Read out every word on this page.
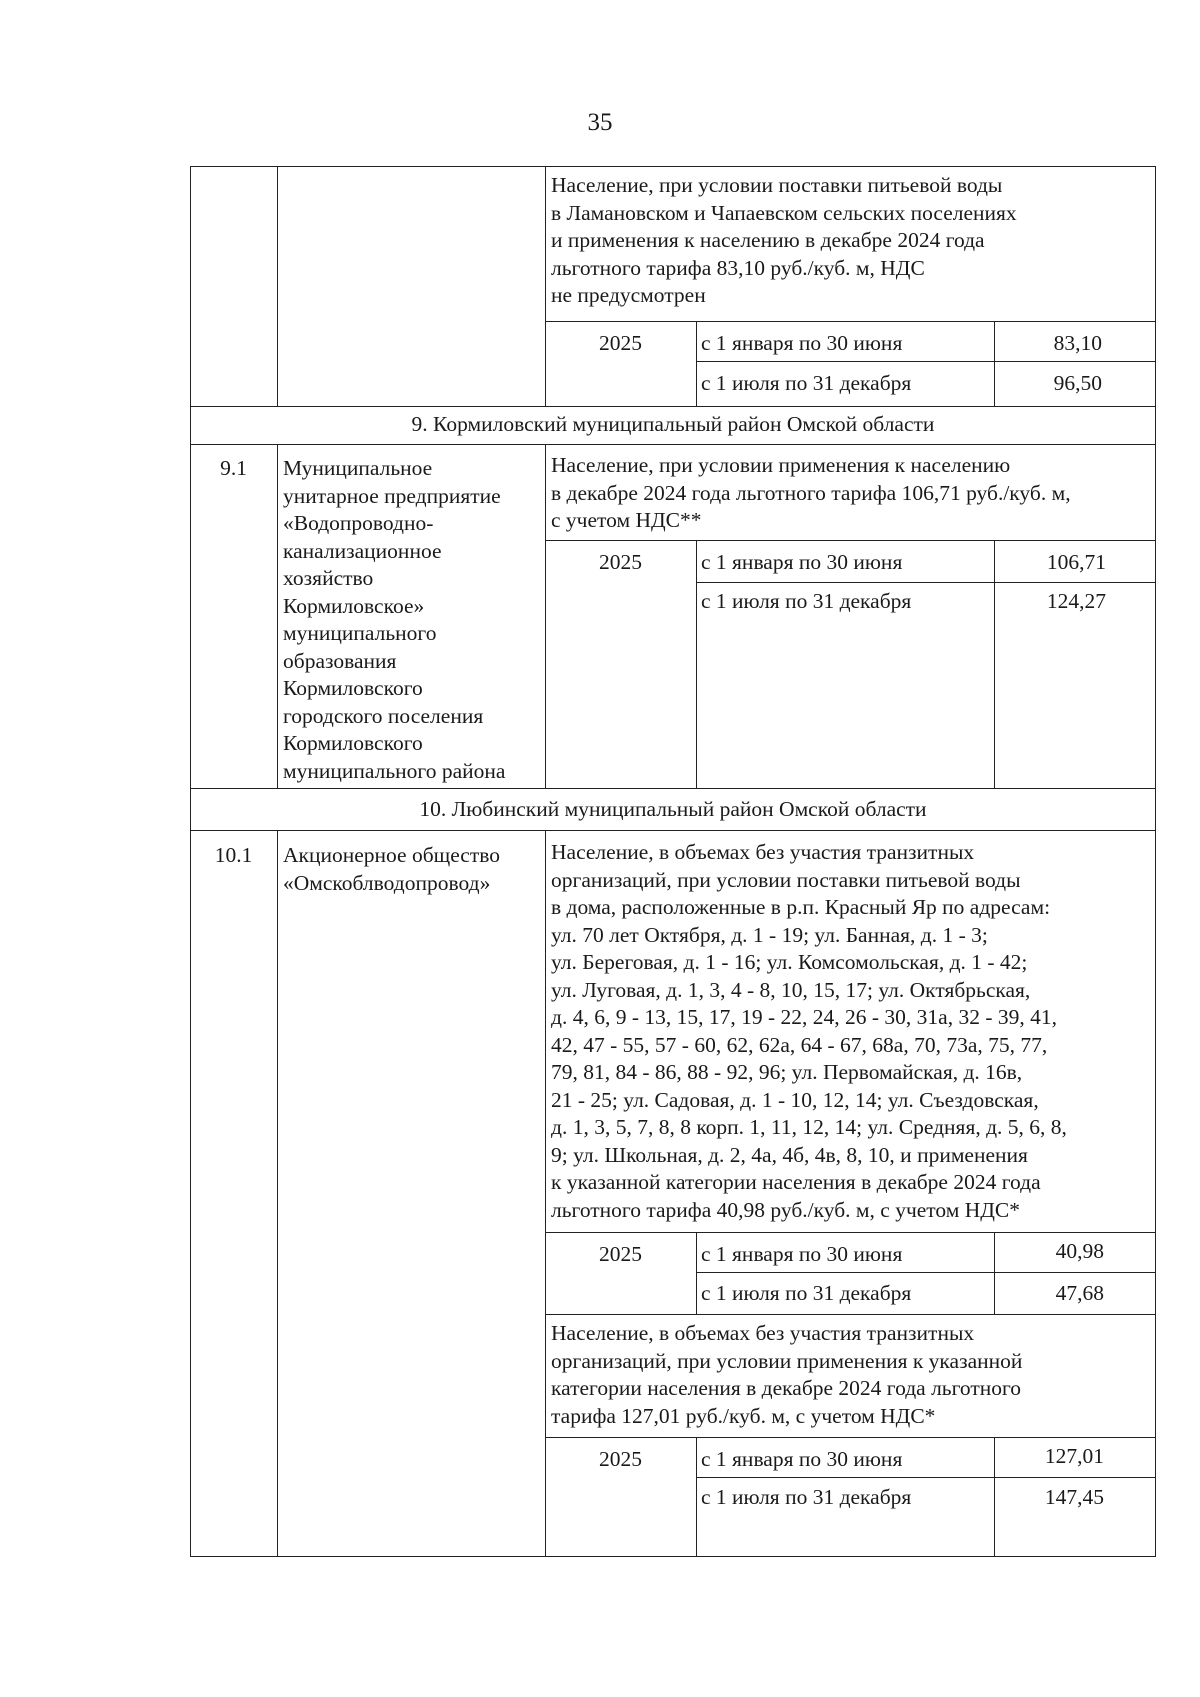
35
Население, при условии поставки питьевой воды
в Ламановском и Чапаевском сельских поселениях
и применения к населению в декабре 2024 года
льготного тарифа 83,10 руб./куб. м, НДС
не предусмотрен
2025	с 1 января по 30 июня	83,10
с 1 июля по 31 декабря	96,50
9. Кормиловский муниципальный район Омской области
9.1	Муниципальное
унитарное предприятие
«Водопроводно-
канализационное
хозяйство
Кормиловское»
муниципального
образования
Кормиловского
городского поселения
Кормиловского
муниципального района
Население, при условии применения к населению
в декабре 2024 года льготного тарифа 106,71 руб./куб. м,
с учетом НДС**
2025	с 1 января по 30 июня	106,71
с 1 июля по 31 декабря	124,27
10. Любинский муниципальный район Омской области
10.1	Акционерное общество
«Омскоблводопровод»
Население, в объемах без участия транзитных
организаций, при условии поставки питьевой воды
в дома, расположенные в р.п. Красный Яр по адресам:
ул. 70 лет Октября, д. 1 - 19; ул. Банная, д. 1 - 3;
ул. Береговая, д. 1 - 16; ул. Комсомольская, д. 1 - 42;
ул. Луговая, д. 1, 3, 4 - 8, 10, 15, 17; ул. Октябрьская,
д. 4, 6, 9 - 13, 15, 17, 19 - 22, 24, 26 - 30, 31а, 32 - 39, 41,
42, 47 - 55, 57 - 60, 62, 62а, 64 - 67, 68а, 70, 73а, 75, 77,
79, 81, 84 - 86, 88 - 92, 96; ул. Первомайская, д. 16в,
21 - 25; ул. Садовая, д. 1 - 10, 12, 14; ул. Съездовская,
д. 1, 3, 5, 7, 8, 8 корп. 1, 11, 12, 14; ул. Средняя, д. 5, 6, 8,
9; ул. Школьная, д. 2, 4а, 4б, 4в, 8, 10, и применения
к указанной категории населения в декабре 2024 года
льготного тарифа 40,98 руб./куб. м, с учетом НДС*
2025	с 1 января по 30 июня	40,98
с 1 июля по 31 декабря	47,68
Население, в объемах без участия транзитных
организаций, при условии применения к указанной
категории населения в декабре 2024 года льготного
тарифа 127,01 руб./куб. м, с учетом НДС*
2025	с 1 января по 30 июня	127,01
с 1 июля по 31 декабря	147,45
